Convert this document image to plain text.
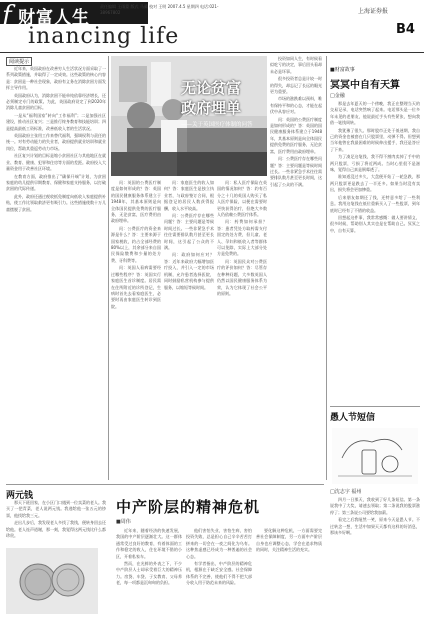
f 财富人生
inancing life
责任编辑 王雨蒙 版式 马冀 校对 王明 2007.4.5 星期四 电话:021-38967802	上海证券报
B4
阅读提示

近年来，英国政府在改善穷人生活状况方面采取了一系列政策措施，并取得了一定成效。这些政策的核心内容是：贫困是一种社会现象，政府有义务在消除贫困方面发挥主导作用。

英国政府认为，消除贫困不能单纯依靠经济增长，还必须制定专门的政策。为此，英国政府设定了到2020年消除儿童贫困的目标。

一是从“福利国家”转向“工作福利”；二是加强社区建设，推动社区复兴；三是推行终身教育和技能培训；四是提高最低工资标准，改善低收入者的生活状况。

英国政府主张用工作来替代福利，强调权利与责任的统一。对有劳动能力的失业者，政府提供就业培训和就业岗位，帮助其重返劳动力市场。

社区复兴计划的目标是缩小贫困社区与其他地区在就业、教育、健康、犯罪和住房等方面的差距。政府投入大量资金用于改善社区环境。

在教育方面，政府推出了“确保开端”计划，为贫困家庭的幼儿提供早期教育、保健和家庭支持服务，以打破贫困的代际传递。

此外，政府还通过税收抵免制度向低收入家庭提供补贴，使工作比领取救济更有吸引力。这些措施使数十万儿童摆脱了贫困。

无论贫富
政府埋单
——关于英国医疗体制的问答

问：英国的公费医疗制度是如何形成的？答：英国的国民健康服务体系建立于1948年，其基本原则是向全体国民提供免费的医疗服务，无论贫富，医疗费用由政府埋单。

问：公费医疗的资金来源是什么？答：主要来源于国家税收，约占全部经费的80%以上，其余部分来自国民保险缴费和少量的处方费、牙科费等。

问：英国人看病需要经过哪些程序？答：英国实行家庭医生首诊制度。居民需在住所附近的诊所登记，生病时首先去看家庭医生，必要时再由家庭医生转诊到医院。

问：家庭医生的收入如何？答：家庭医生是独立执业者，与政府签订合同，根据登记的居民人数获得报酬，收入水平较高。

问：公费医疗存在哪些问题？答：主要问题是等候时间过长。一些非紧急手术往往需要排队数月甚至更长时间，这引起了公众的不满。

问：政府如何应对？答：近年来政府大幅增加医疗投入，并引入一定的市场机制，允许患者选择医院，同时鼓励私营机构参与提供服务，以缩短等候时间。

问：私人医疗保险在英国的情况如何？答：约有百分之十几的英国人购买了私人医疗保险，以便在需要时更快获得治疗，但绝大多数人仍依赖公费医疗体系。

问：药费如何承担？答：患者凭处方取药需支付固定的处方费，但儿童、老人、孕妇和低收入者等群体可以免除，实际上大部分处方是免费的。

问：英国民众对公费医疗的评价如何？答：尽管存在种种问题，大多数英国人仍然以国民健康服务体系为荣，认为它体现了社会公平的原则。

投资如同人生，有时候看似吃亏的决定，事后回头看却未必是坏事。

很多投资者总是计较一时的得失，却忘记了长远的眼光更为重要。

市场的涨跌难以预料，唯有保持平和的心态，才能在起伏中从容应对。

问：英国的公费医疗制度是如何形成的？答：英国的国民健康服务体系建立于1948年，其基本原则是向全体国民提供免费的医疗服务，无论贫富，医疗费用由政府埋单。

问：公费医疗存在哪些问题？答：主要问题是等候时间过长。一些非紧急手术往往需要排队数月甚至更长时间，这引起了公众的不满。

■财富故事
冥冥中自有天算
□金融

那是去年夏天的一个傍晚，我正在整理当天的交易记录，电话突然响了起来。电话那头是一位多年未见的老朋友，他说最近手头有些紧张，想向我借一笔钱周转。

我犹豫了很久。那时股市正处于低迷期，我自己的资金也被套在几只股票里，动弹不得。但想到当年他曾在我最困难的时候伸出援手，我还是答应了下来。

为了凑足这笔钱，我不得不割肉卖掉了手中的两只股票，亏损了将近两成。当时心里很不是滋味，觉得自己真是倒霉透了。

谁知道没过多久，大盘便开始了一轮急跌，那两只股票更是跌去了一半还多。如果当时没有卖出，损失将会更加惨重。

后来朋友如期还了钱，还特意多给了一些利息。我用这笔钱在低位重新买入了一些股票，到年底时已经有了不错的收益。

回想起这件事，我常常感慨：做人要讲情义，很多时候，帮助别人其实也是在帮助自己。冥冥之中，自有天算。

愚人节短信
□沈志宇 福州

四月一日那天，我收到了好几条短信。第一条说我中了大奖，请速去领取；第二条说我的股票涨停了；第三条说公司要给我加薪。

看完之后我哑然一笑，原来今天是愚人节。不过转念一想，生活中如果天天都有这样的好消息，那该多好啊。

两元钱

那天下班回家，在小区门口遇到一位卖菜的老人。我买了一把青菜，老人说两元钱。我递给他一张五元的钞票，他找给我三元。

走出几步后，我发现老人多找了我钱，便转身回去还给他。老人连声道谢，那一刻，我觉得这两元钱比什么都珍贵。

中产阶层的精神危机
■周伟

近年来，随着经济的快速发展，我国的中产阶层逐渐壮大。这一群体通常受过良好的教育，有着体面的工作和稳定的收入，住在环境不错的小区，开着私家车。

然而，在光鲜的外表之下，不少中产阶层人士却承受着巨大的精神压力。房贷、车贷、子女教育、父母养老，每一项都是沉甸甸的负担。

他们害怕失业，害怕生病，害怕投资失败，总是担心自己辛辛苦苦打拼来的一切会在一夜之间化为乌有。这种焦虑感已经成为一种普遍的社会心态。

有学者指出，中产阶层的精神危机，根源在于缺乏安全感。社会保障体系的不完善，使他们不得不把大部分收入用于防范未来的风险。

要化解这种危机，一方面需要完善社会保障制度，另一方面中产阶层自身也应调整心态，学会在追求物质的同时，关注精神生活的充实。
